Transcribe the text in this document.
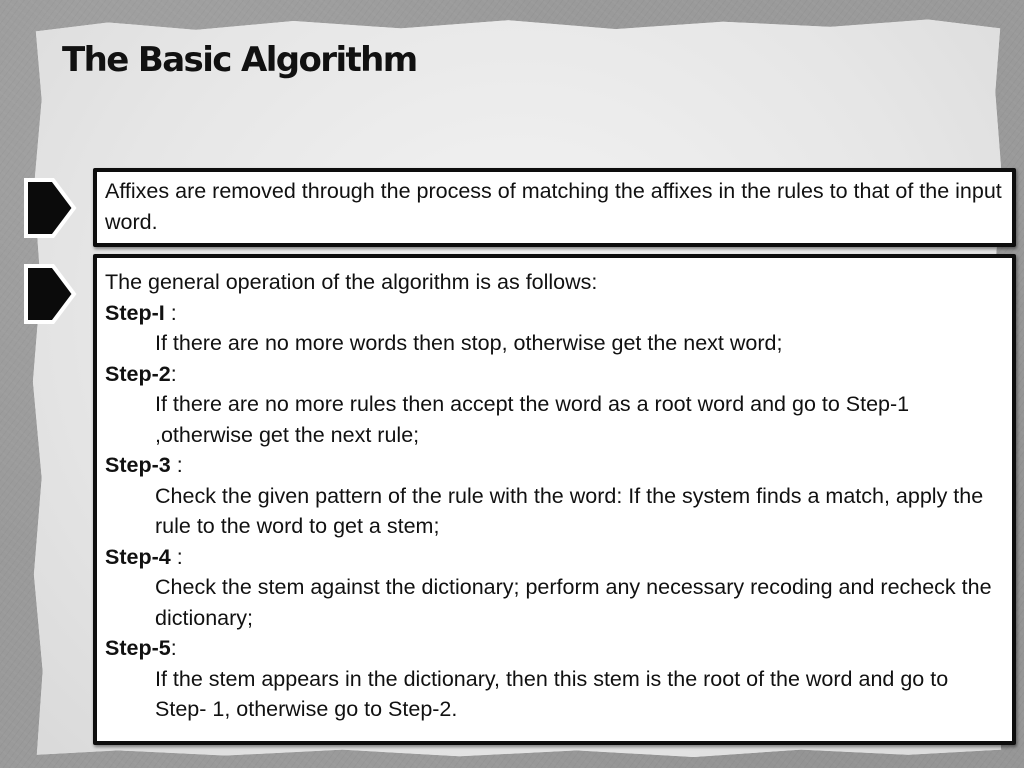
The Basic Algorithm
Affixes are removed through the process of matching the affixes in the rules to that of the input word.
The general operation of the algorithm is as follows:
Step-I :
If there are no more words then stop, otherwise get the next word;
Step-2:
If there are no more rules then accept the word as a root word and go to Step-1 ,otherwise get the next rule;
Step-3 :
Check the given pattern of the rule with the word: If the system finds a match, apply the rule to the word to get a stem;
Step-4 :
Check the stem against the dictionary; perform any necessary recoding and recheck the dictionary;
Step-5:
If the stem appears in the dictionary, then this stem is the root of the word and go to Step- 1, otherwise go to Step-2.
